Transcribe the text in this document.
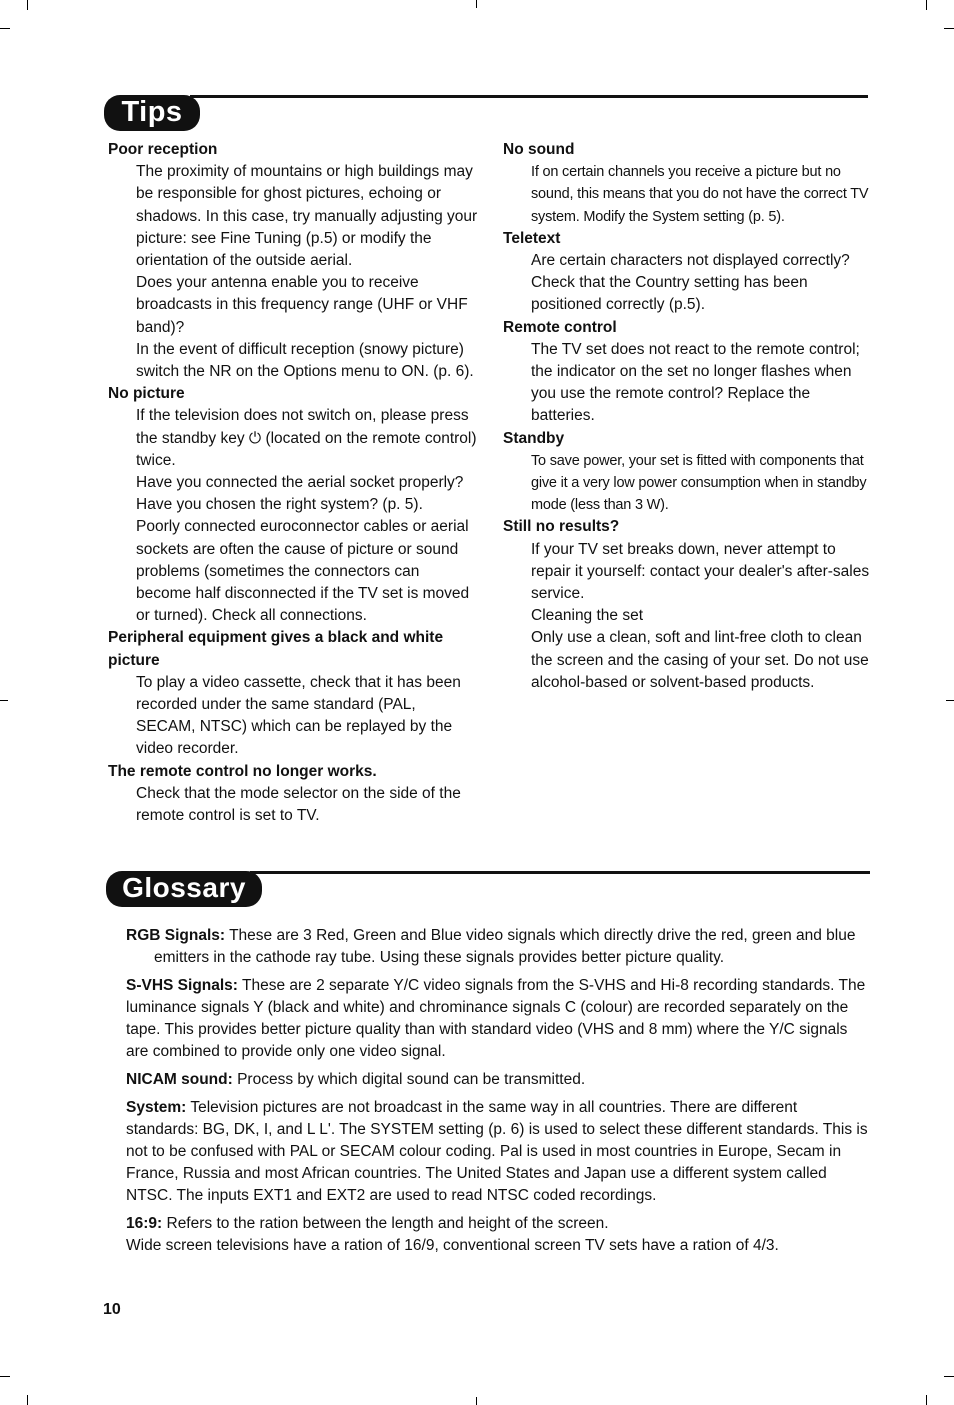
Tips
Poor reception

The proximity of mountains or high buildings may be responsible for ghost pictures, echoing or shadows. In this case, try manually adjusting your picture: see Fine Tuning (p.5) or modify the orientation of the outside aerial.

Does your antenna enable you to receive broadcasts in this frequency range (UHF or VHF band)?

In the event of difficult reception (snowy picture) switch the NR on the Options menu to ON. (p. 6).

No picture

If the television does not switch on, please press the standby key ⏻ (located on the remote control) twice.

Have you connected the aerial socket properly?

Have you chosen the right system? (p. 5).

Poorly connected euroconnector cables or aerial sockets are often the cause of picture or sound problems (sometimes the connectors can become half disconnected if the TV set is moved or turned). Check all connections.

Peripheral equipment gives a black and white picture

To play a video cassette, check that it has been recorded under the same standard (PAL, SECAM, NTSC) which can be replayed by the video recorder.

The remote control no longer works.

Check that the mode selector on the side of the remote control is set to TV.

No sound

If on certain channels you receive a picture but no sound, this means that you do not have the correct TV system. Modify the System setting (p. 5).

Teletext

Are certain characters not displayed correctly? Check that the Country setting has been positioned correctly (p.5).

Remote control

The TV set does not react to the remote control; the indicator on the set no longer flashes when you use the remote control? Replace the batteries.

Standby

To save power, your set is fitted with components that give it a very low power consumption when in standby mode (less than 3 W).

Still no results?

If your TV set breaks down, never attempt to repair it yourself: contact your dealer's after-sales service.

Cleaning the set

Only use a clean, soft and lint-free cloth to clean the screen and the casing of your set. Do not use alcohol-based or solvent-based products.

Glossary

RGB Signals: These are 3 Red, Green and Blue video signals which directly drive the red, green and blue emitters in the cathode ray tube. Using these signals provides better picture quality.

S-VHS Signals: These are 2 separate Y/C video signals from the S-VHS and Hi-8 recording standards. The luminance signals Y (black and white) and chrominance signals C (colour) are recorded separately on the tape. This provides better picture quality than with standard video (VHS and 8 mm) where the Y/C signals are combined to provide only one video signal.

NICAM sound: Process by which digital sound can be transmitted.

System: Television pictures are not broadcast in the same way in all countries. There are different standards: BG, DK, I, and L L'. The SYSTEM setting (p. 6) is used to select these different standards. This is not to be confused with PAL or SECAM colour coding. Pal is used in most countries in Europe, Secam in France, Russia and most African countries. The United States and Japan use a different system called NTSC. The inputs EXT1 and EXT2 are used to read NTSC coded recordings.

16:9: Refers to the ration between the length and height of the screen.
Wide screen televisions have a ration of 16/9, conventional screen TV sets have a ration of 4/3.

10
